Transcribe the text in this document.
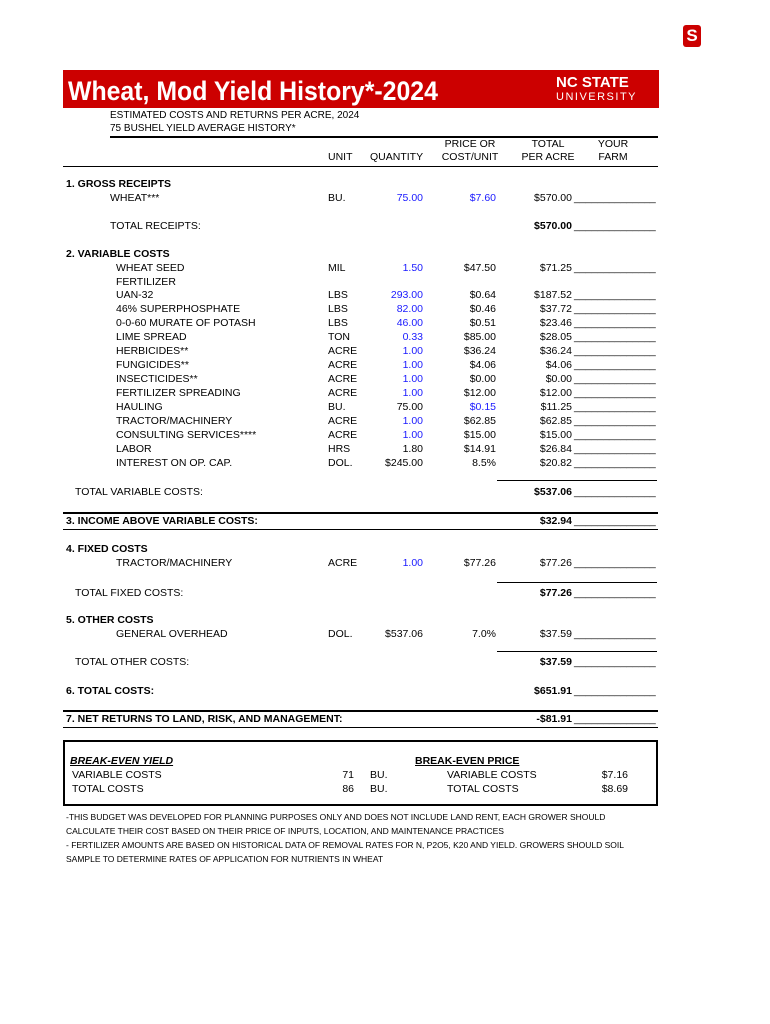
S
Wheat, Mod Yield History*-2024	NC STATE
UNIVERSITY
ESTIMATED COSTS AND RETURNS PER ACRE, 2024
75 BUSHEL YIELD AVERAGE HISTORY*
UNIT QUANTITY
PRICE OR
COST/UNIT
TOTAL
PER ACRE
YOUR
FARM
1. GROSS RECEIPTS
WHEAT***	BU.	75.00	$7.60	$570.00 ______________
TOTAL RECEIPTS:	$570.00 ______________
2. VARIABLE COSTS
WHEAT SEED	MIL	1.50	$47.50	$71.25 ______________
FERTILIZER
UAN-32	LBS	293.00	$0.64	$187.52 ______________
46% SUPERPHOSPHATE	LBS	82.00	$0.46	$37.72 ______________
0-0-60 MURATE OF POTASH	LBS	46.00	$0.51	$23.46 ______________
LIME SPREAD	TON	0.33	$85.00	$28.05 ______________
HERBICIDES**	ACRE	1.00	$36.24	$36.24 ______________
FUNGICIDES**	ACRE	1.00	$4.06	$4.06 ______________
INSECTICIDES**	ACRE	1.00	$0.00	$0.00 ______________
FERTILIZER SPREADING	ACRE	1.00	$12.00	$12.00 ______________
HAULING	BU.	75.00	$0.15	$11.25 ______________
TRACTOR/MACHINERY	ACRE	1.00	$62.85	$62.85 ______________
CONSULTING SERVICES****	ACRE	1.00	$15.00	$15.00 ______________
LABOR	HRS	1.80	$14.91	$26.84 ______________
INTEREST ON OP. CAP.	DOL.	$245.00	8.5%	$20.82 ______________
TOTAL VARIABLE COSTS:	$537.06 ______________
3. INCOME ABOVE VARIABLE COSTS:	$32.94 ______________
4. FIXED COSTS
TRACTOR/MACHINERY	ACRE	1.00	$77.26	$77.26 ______________
TOTAL FIXED COSTS:	$77.26 ______________
5. OTHER COSTS
GENERAL OVERHEAD	DOL.	$537.06	7.0%	$37.59 ______________
TOTAL OTHER COSTS:	$37.59 ______________
6. TOTAL COSTS:	$651.91 ______________
7. NET RETURNS TO LAND, RISK, AND MANAGEMENT:	-$81.91 ______________
BREAK-EVEN YIELD
VARIABLE COSTS	71 BU.
TOTAL COSTS	86 BU.
BREAK-EVEN PRICE
VARIABLE COSTS	$7.16
TOTAL COSTS	$8.69
-THIS BUDGET WAS DEVELOPED FOR PLANNING PURPOSES ONLY AND DOES NOT INCLUDE LAND RENT, EACH GROWER SHOULD
CALCULATE THEIR COST BASED ON THEIR PRICE OF INPUTS, LOCATION, AND MAINTENANCE PRACTICES
- FERTILIZER AMOUNTS ARE BASED ON HISTORICAL DATA OF REMOVAL RATES FOR N, P2O5, K20 AND YIELD. GROWERS SHOULD SOIL
SAMPLE TO DETERMINE RATES OF APPLICATION FOR NUTRIENTS IN WHEAT
